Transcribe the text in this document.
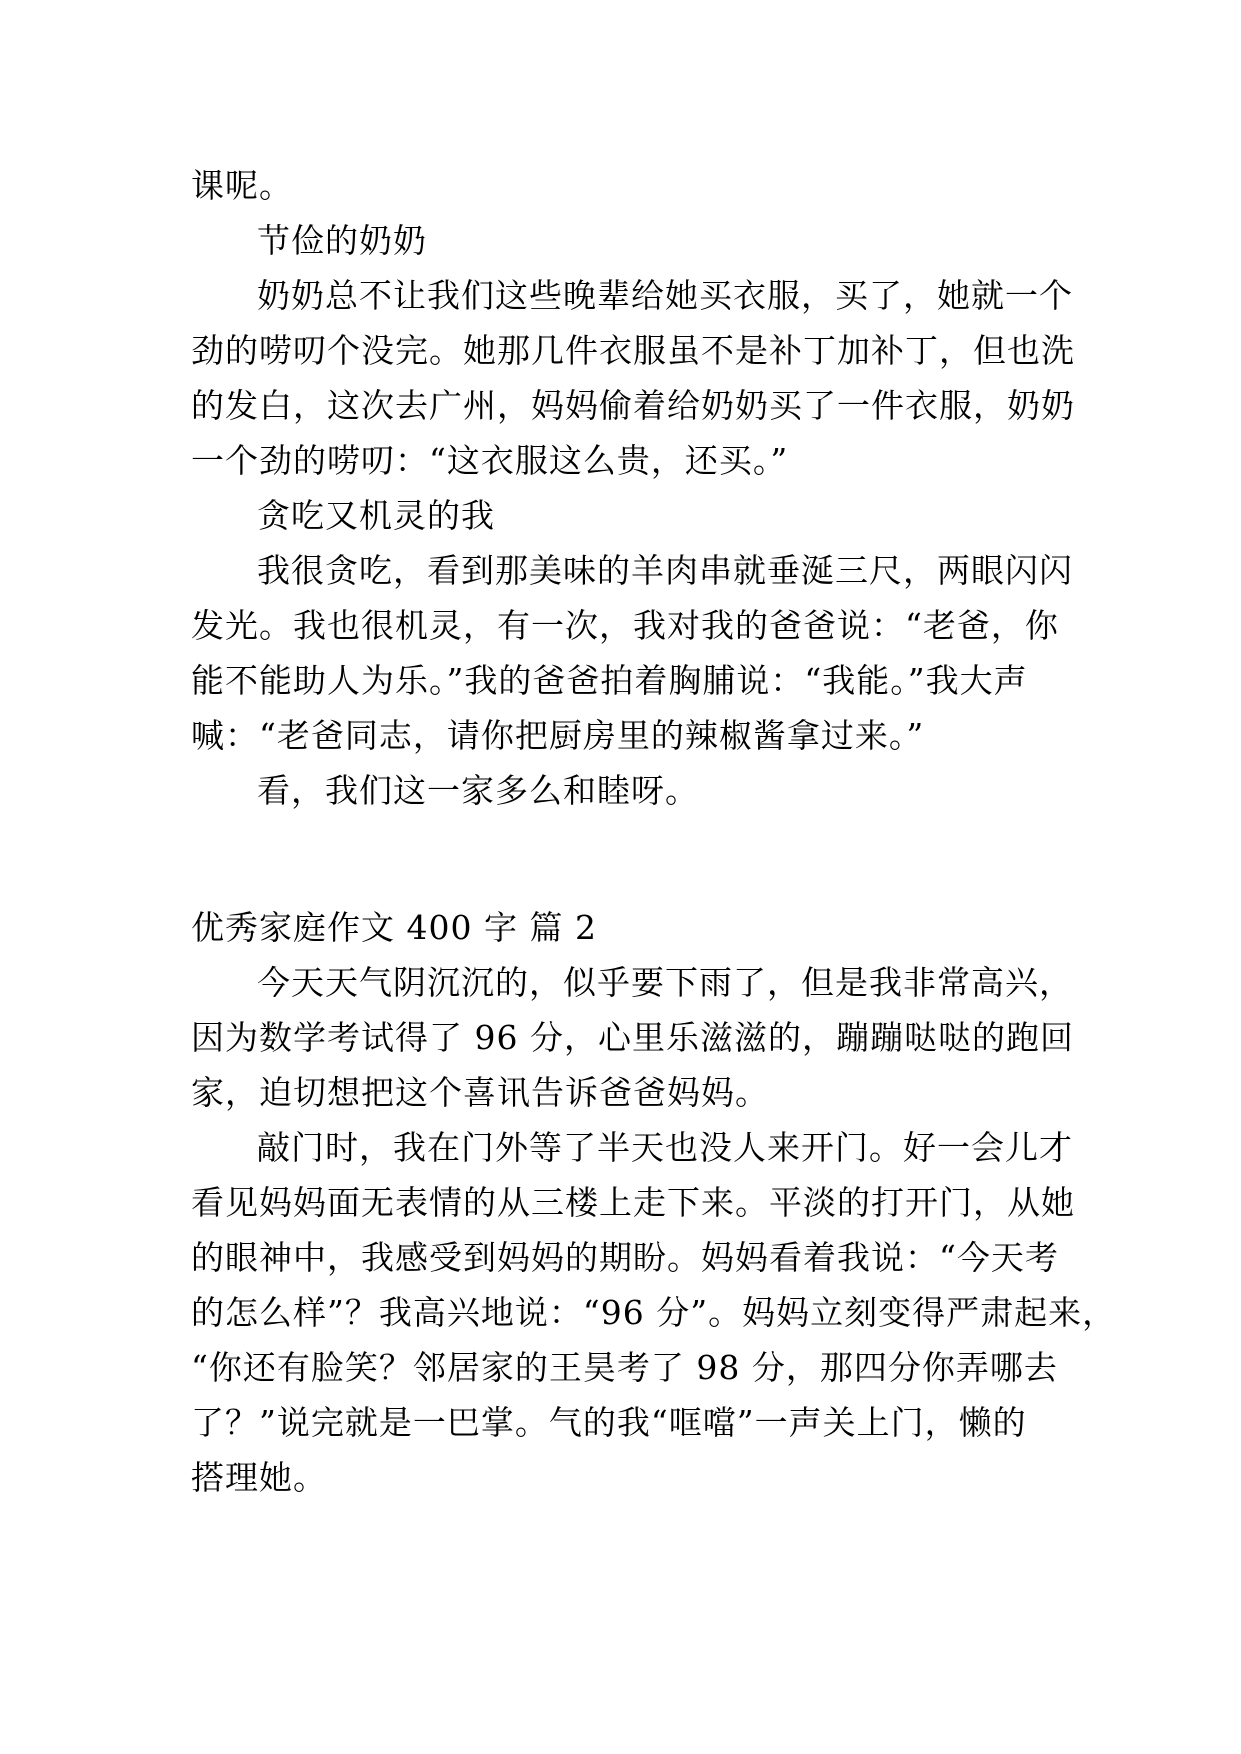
课呢。
节俭的奶奶
奶奶总不让我们这些晚辈给她买衣服，买了，她就一个
劲的唠叨个没完。她那几件衣服虽不是补丁加补丁，但也洗
的发白，这次去广州，妈妈偷着给奶奶买了一件衣服，奶奶
一个劲的唠叨：“这衣服这么贵，还买。”
贪吃又机灵的我
我很贪吃，看到那美味的羊肉串就垂涎三尺，两眼闪闪
发光。我也很机灵，有一次，我对我的爸爸说：“老爸，你
能不能助人为乐。”我的爸爸拍着胸脯说：“我能。”我大声
喊：“老爸同志，请你把厨房里的辣椒酱拿过来。”
看，我们这一家多么和睦呀。
优秀家庭作文 400 字 篇 2
今天天气阴沉沉的，似乎要下雨了，但是我非常高兴，
因为数学考试得了 96 分，心里乐滋滋的，蹦蹦哒哒的跑回
家，迫切想把这个喜讯告诉爸爸妈妈。
敲门时，我在门外等了半天也没人来开门。好一会儿才
看见妈妈面无表情的从三楼上走下来。平淡的打开门，从她
的眼神中，我感受到妈妈的期盼。妈妈看着我说：“今天考
的怎么样”？我高兴地说：“96 分”。妈妈立刻变得严肃起来，
“你还有脸笑？邻居家的王昊考了 98 分，那四分你弄哪去
了？”说完就是一巴掌。气的我“哐噹”一声关上门，懒的
搭理她。
